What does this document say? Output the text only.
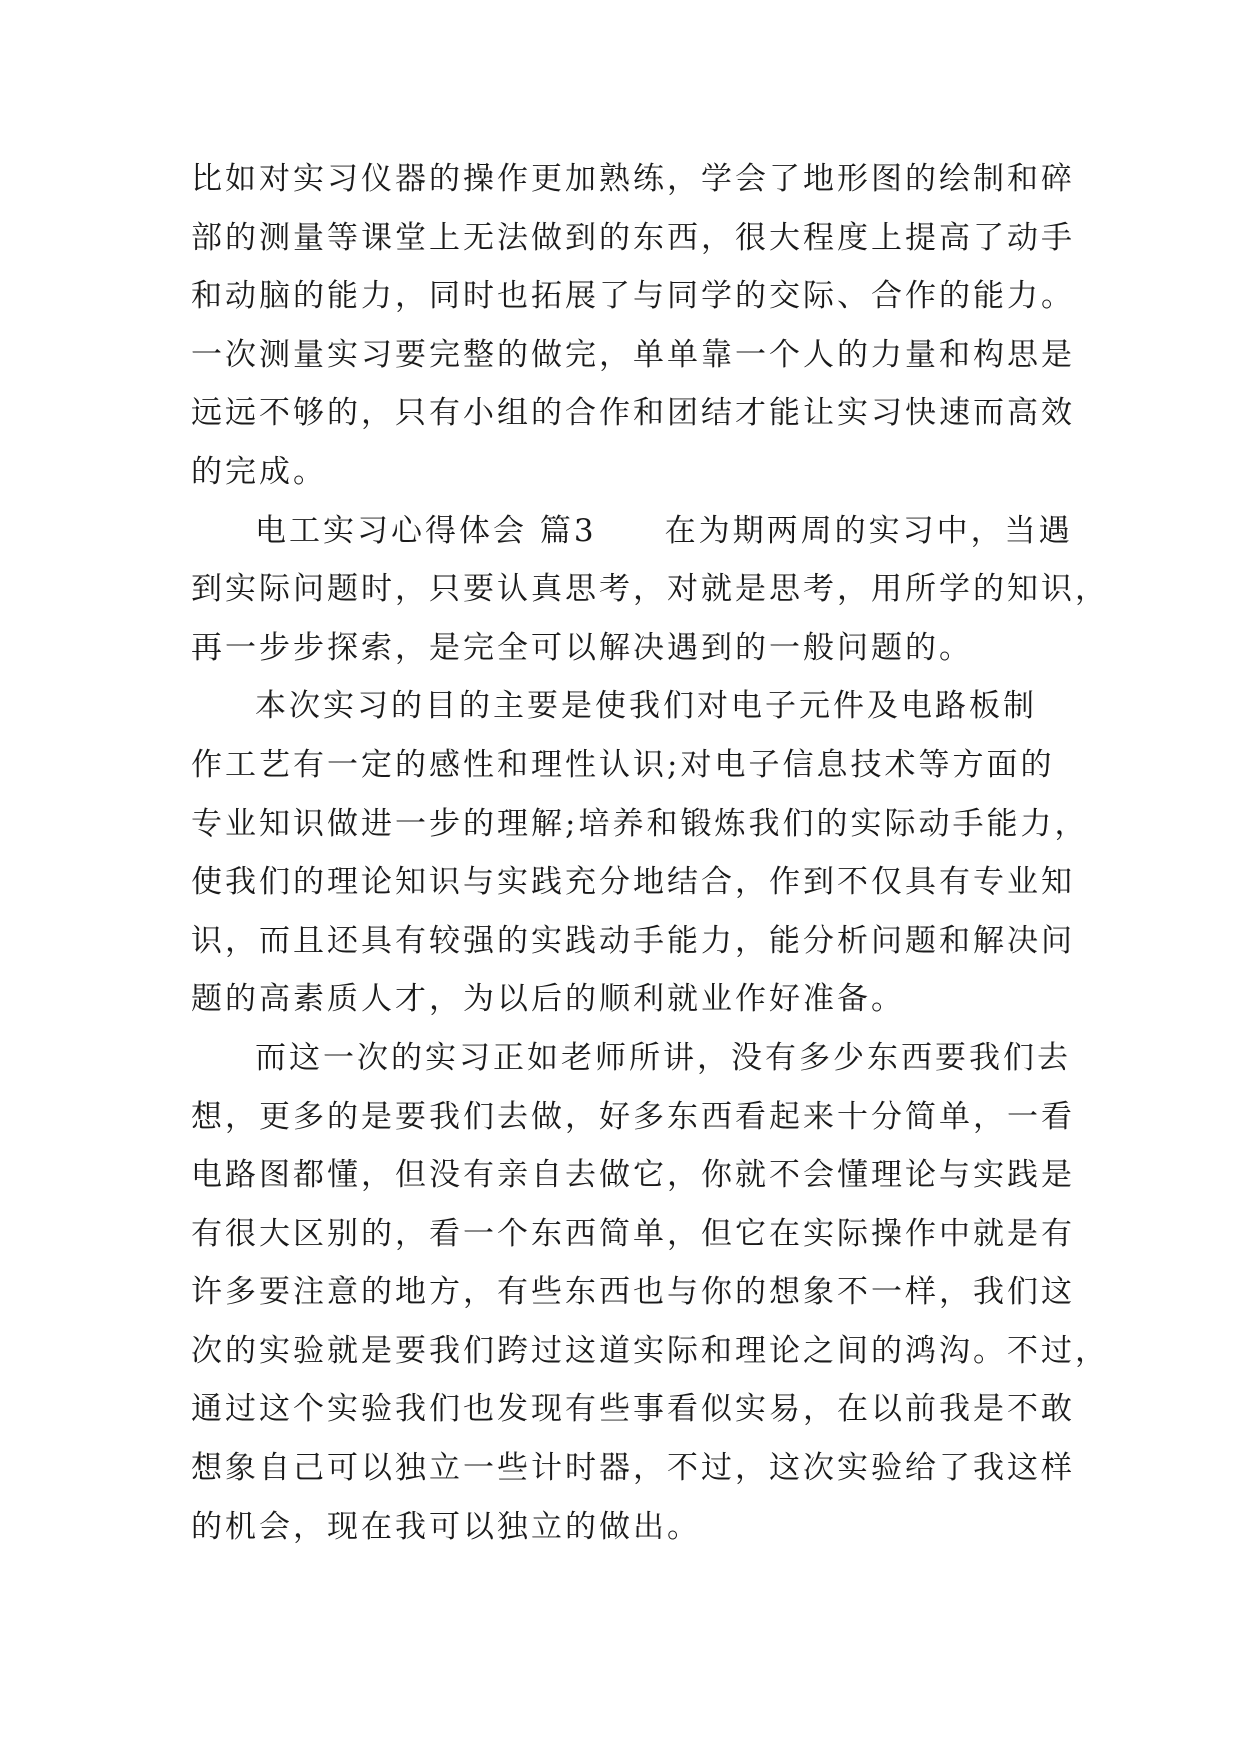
比如对实习仪器的操作更加熟练，学会了地形图的绘制和碎
部的测量等课堂上无法做到的东西，很大程度上提高了动手
和动脑的能力，同时也拓展了与同学的交际、合作的能力。
一次测量实习要完整的做完，单单靠一个人的力量和构思是
远远不够的，只有小组的合作和团结才能让实习快速而高效
的完成。
电工实习心得体会 篇3　　在为期两周的实习中，当遇
到实际问题时，只要认真思考，对就是思考，用所学的知识，
再一步步探索，是完全可以解决遇到的一般问题的。
本次实习的目的主要是使我们对电子元件及电路板制
作工艺有一定的感性和理性认识;对电子信息技术等方面的
专业知识做进一步的理解;培养和锻炼我们的实际动手能力，
使我们的理论知识与实践充分地结合，作到不仅具有专业知
识，而且还具有较强的实践动手能力，能分析问题和解决问
题的高素质人才，为以后的顺利就业作好准备。
而这一次的实习正如老师所讲，没有多少东西要我们去
想，更多的是要我们去做，好多东西看起来十分简单，一看
电路图都懂，但没有亲自去做它，你就不会懂理论与实践是
有很大区别的，看一个东西简单，但它在实际操作中就是有
许多要注意的地方，有些东西也与你的想象不一样，我们这
次的实验就是要我们跨过这道实际和理论之间的鸿沟。不过，
通过这个实验我们也发现有些事看似实易，在以前我是不敢
想象自己可以独立一些计时器，不过，这次实验给了我这样
的机会，现在我可以独立的做出。
